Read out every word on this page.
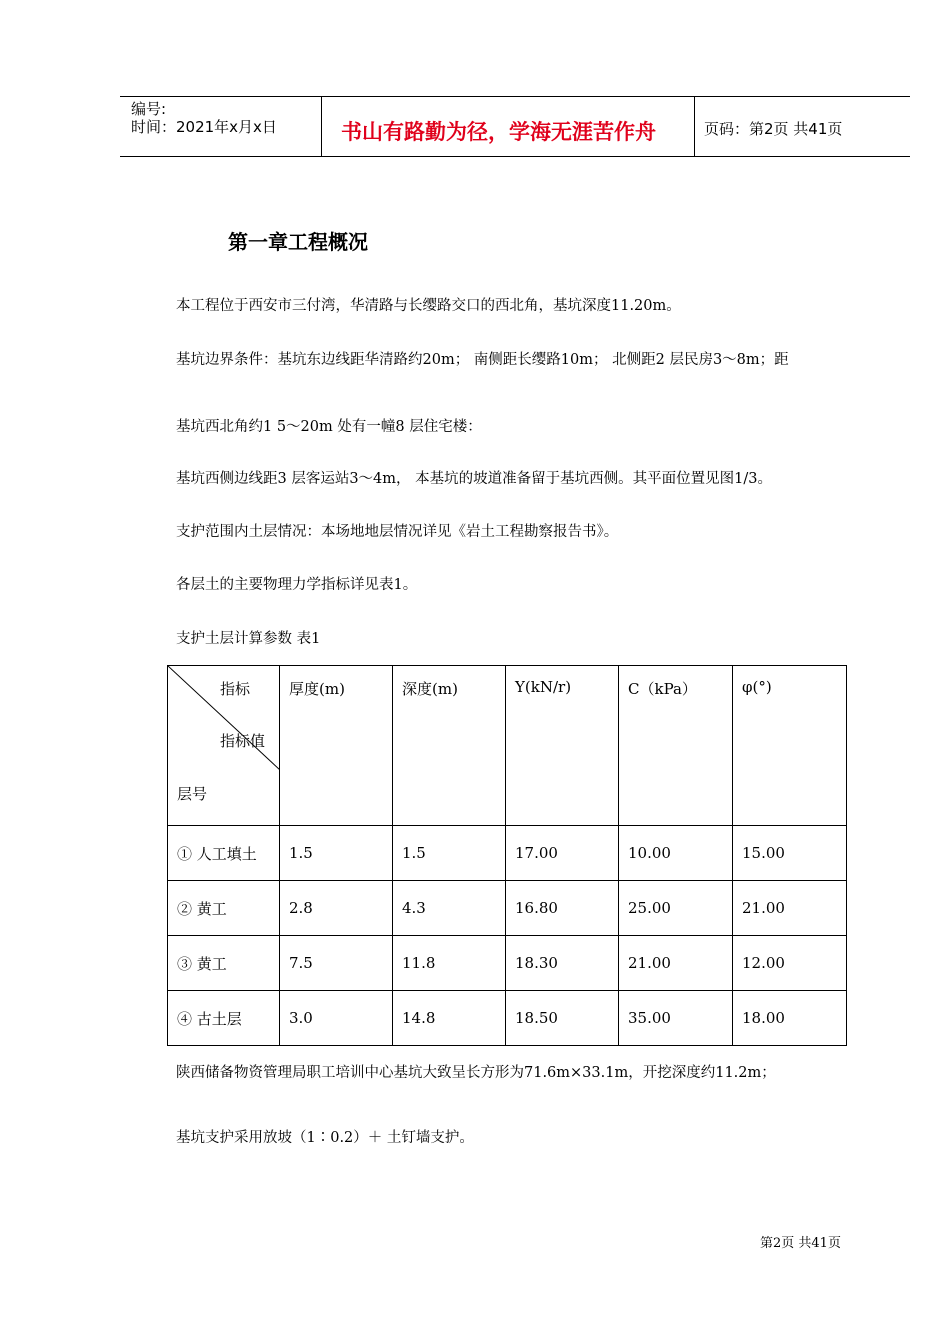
编号:
时间：2021年x月x日	书山有路勤为径，学海无涯苦作舟	页码：第2页 共41页
第一章工程概况
本工程位于西安市三付湾，华清路与长缨路交口的西北角，基坑深度11.20m。
基坑边界条件：基坑东边线距华清路约20m； 南侧距长缨路10m； 北侧距2 层民房3～8m；距
基坑西北角约1 5～20m 处有一幢8 层住宅楼：
基坑西侧边线距3 层客运站3～4m， 本基坑的坡道准备留于基坑西侧。其平面位置见图1/3。
支护范围内土层情况：本场地地层情况详见《岩土工程勘察报告书》。
各层土的主要物理力学指标详见表1。
支护土层计算参数 表1
指标
指标值
层号	厚度(m)	深度(m)	Y(kN/r)	C（kPa）	φ(°)

① 人工填土	1.5	1.5	17.00	10.00	15.00

② 黄工	2.8	4.3	16.80	25.00	21.00

③ 黄工	7.5	11.8	18.30	21.00	12.00

④ 古土层	3.0	14.8	18.50	35.00	18.00
陕西储备物资管理局职工培训中心基坑大致呈长方形为71.6m×33.1m，开挖深度约11.2m；
基坑支护采用放坡（1∶0.2）＋ 土钉墙支护。
第2页 共41页
